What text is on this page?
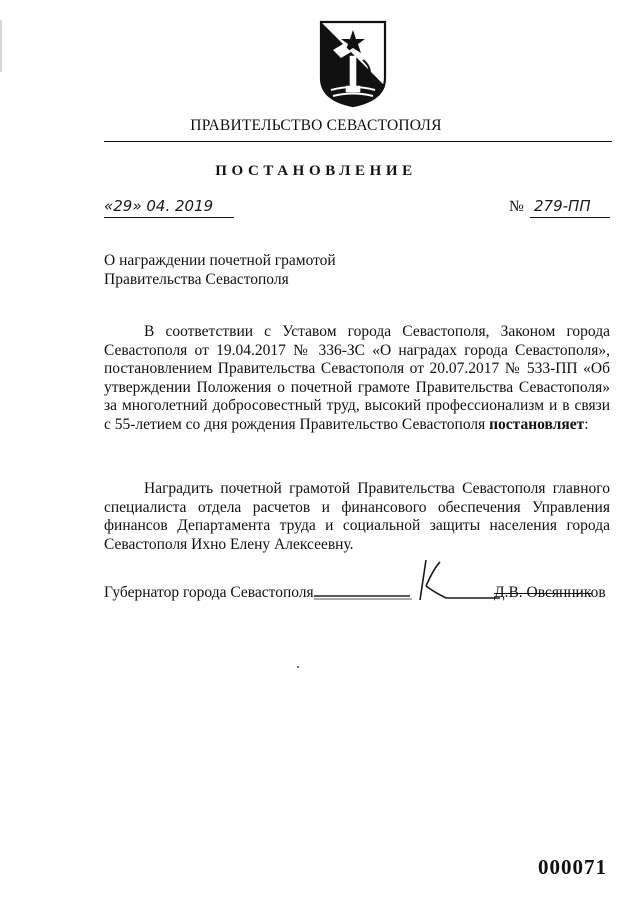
ПРАВИТЕЛЬСТВО СЕВАСТОПОЛЯ
ПОСТАНОВЛЕНИЕ
«29» 04. 2019	№ 279-ПП
О награждении почетной грамотой
Правительства Севастополя
В соответствии с Уставом города Севастополя, Законом города Севастополя от 19.04.2017 № 336-ЗС «О наградах города Севастополя», постановлением Правительства Севастополя от 20.07.2017 № 533-ПП «Об утверждении Положения о почетной грамоте Правительства Севастополя» за многолетний добросовестный труд, высокий профессионализм и в связи с 55-летием со дня рождения Правительство Севастополя постановляет:
Наградить почетной грамотой Правительства Севастополя главного специалиста отдела расчетов и финансового обеспечения Управления финансов Департамента труда и социальной защиты населения города Севастополя Ихно Елену Алексеевну.
Губернатор города Севастополя	Д.В. Овсянников
000071
